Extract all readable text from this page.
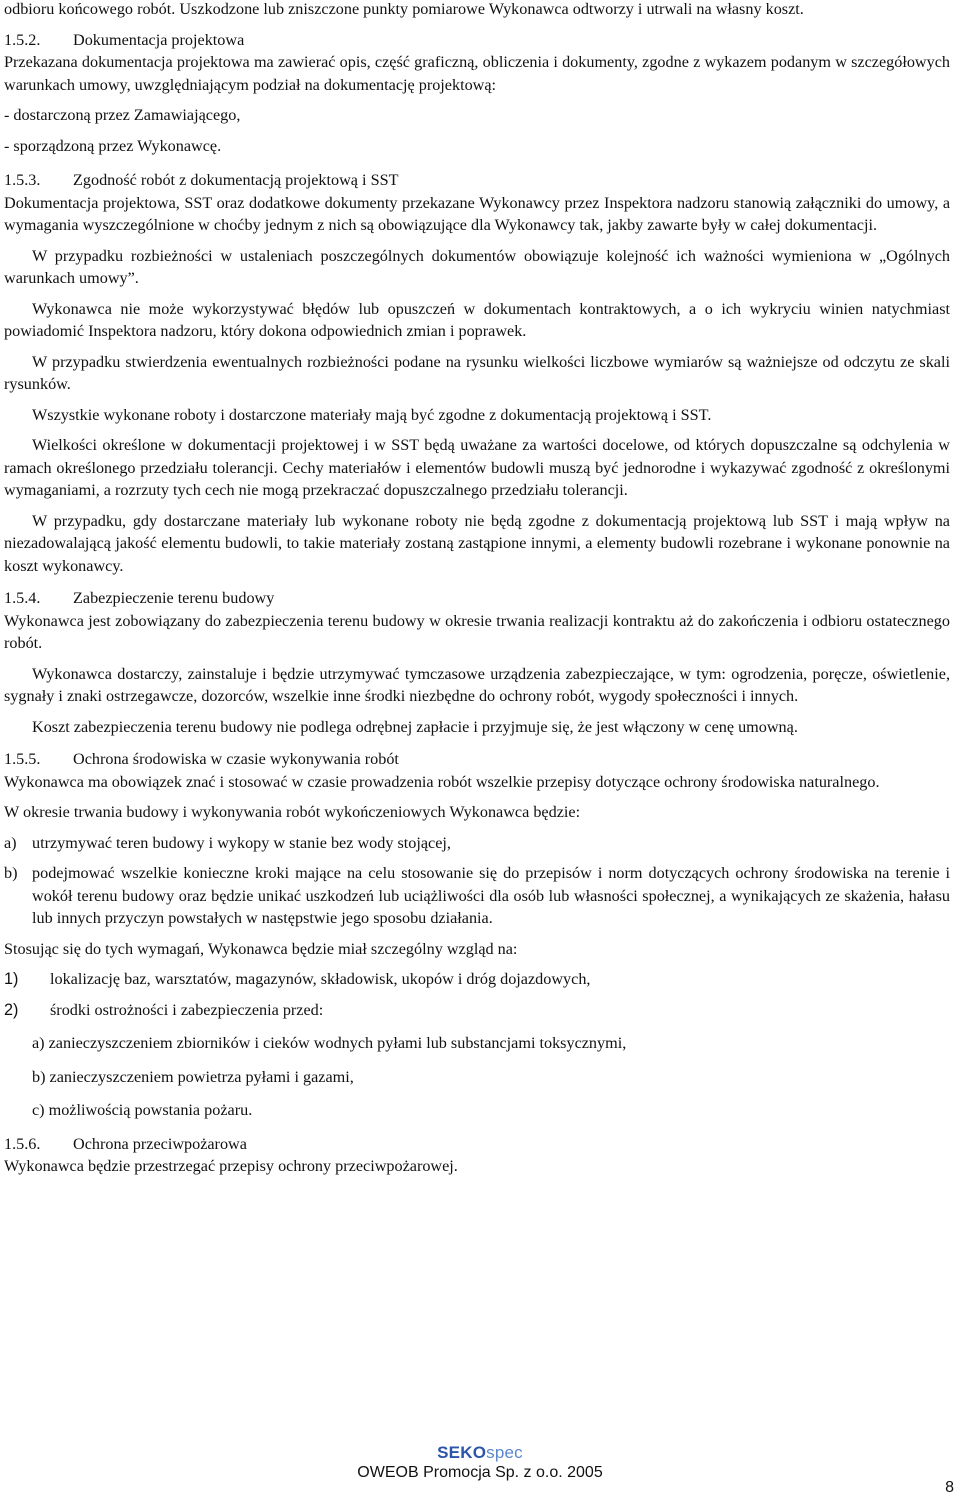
odbioru końcowego robót. Uszkodzone lub zniszczone punkty pomiarowe Wykonawca odtworzy i utrwali na własny koszt.

1.5.2. Dokumentacja projektowa

Przekazana dokumentacja projektowa ma zawierać opis, część graficzną, obliczenia i dokumenty, zgodne z wykazem podanym w szczegółowych warunkach umowy, uwzględniającym podział na dokumentację projektową:

- dostarczoną przez Zamawiającego,

- sporządzoną przez Wykonawcę.

1.5.3. Zgodność robót z dokumentacją projektową i SST

Dokumentacja projektowa, SST oraz dodatkowe dokumenty przekazane Wykonawcy przez Inspektora nadzoru stanowią załączniki do umowy, a wymagania wyszczególnione w choćby jednym z nich są obowiązujące dla Wykonawcy tak, jakby zawarte były w całej dokumentacji.

W przypadku rozbieżności w ustaleniach poszczególnych dokumentów obowiązuje kolejność ich ważności wymieniona w „Ogólnych warunkach umowy”.

Wykonawca nie może wykorzystywać błędów lub opuszczeń w dokumentach kontraktowych, a o ich wykryciu winien natychmiast powiadomić Inspektora nadzoru, który dokona odpowiednich zmian i poprawek.

W przypadku stwierdzenia ewentualnych rozbieżności podane na rysunku wielkości liczbowe wymiarów są ważniejsze od odczytu ze skali rysunków.

Wszystkie wykonane roboty i dostarczone materiały mają być zgodne z dokumentacją projektową i SST.

Wielkości określone w dokumentacji projektowej i w SST będą uważane za wartości docelowe, od których dopuszczalne są odchylenia w ramach określonego przedziału tolerancji. Cechy materiałów i elementów budowli muszą być jednorodne i wykazywać zgodność z określonymi wymaganiami, a rozrzuty tych cech nie mogą przekraczać dopuszczalnego przedziału tolerancji.

W przypadku, gdy dostarczane materiały lub wykonane roboty nie będą zgodne z dokumentacją projektową lub SST i mają wpływ na niezadowalającą jakość elementu budowli, to takie materiały zostaną zastąpione innymi, a elementy budowli rozebrane i wykonane ponownie na koszt wykonawcy.

1.5.4. Zabezpieczenie terenu budowy

Wykonawca jest zobowiązany do zabezpieczenia terenu budowy w okresie trwania realizacji kontraktu aż do zakończenia i odbioru ostatecznego robót.

Wykonawca dostarczy, zainstaluje i będzie utrzymywać tymczasowe urządzenia zabezpieczające, w tym: ogrodzenia, poręcze, oświetlenie, sygnały i znaki ostrzegawcze, dozorców, wszelkie inne środki niezbędne do ochrony robót, wygody społeczności i innych.

Koszt zabezpieczenia terenu budowy nie podlega odrębnej zapłacie i przyjmuje się, że jest włączony w cenę umowną.

1.5.5. Ochrona środowiska w czasie wykonywania robót

Wykonawca ma obowiązek znać i stosować w czasie prowadzenia robót wszelkie przepisy dotyczące ochrony środowiska naturalnego.

W okresie trwania budowy i wykonywania robót wykończeniowych Wykonawca będzie:

a) utrzymywać teren budowy i wykopy w stanie bez wody stojącej,
b) podejmować wszelkie konieczne kroki mające na celu stosowanie się do przepisów i norm dotyczących ochrony środowiska na terenie i wokół terenu budowy oraz będzie unikać uszkodzeń lub uciążliwości dla osób lub własności społecznej, a wynikających ze skażenia, hałasu lub innych przyczyn powstałych w następstwie jego sposobu działania.

Stosując się do tych wymagań, Wykonawca będzie miał szczególny wzgląd na:

1)	lokalizację baz, warsztatów, magazynów, składowisk, ukopów i dróg dojazdowych,
2)	środki ostrożności i zabezpieczenia przed:

a) zanieczyszczeniem zbiorników i cieków wodnych pyłami lub substancjami toksycznymi,

b) zanieczyszczeniem powietrza pyłami i gazami,

c) możliwością powstania pożaru.

1.5.6. Ochrona przeciwpożarowa

Wykonawca będzie przestrzegać przepisy ochrony przeciwpożarowej.

SEKOspec
OWEOB Promocja Sp. z o.o. 2005
8
